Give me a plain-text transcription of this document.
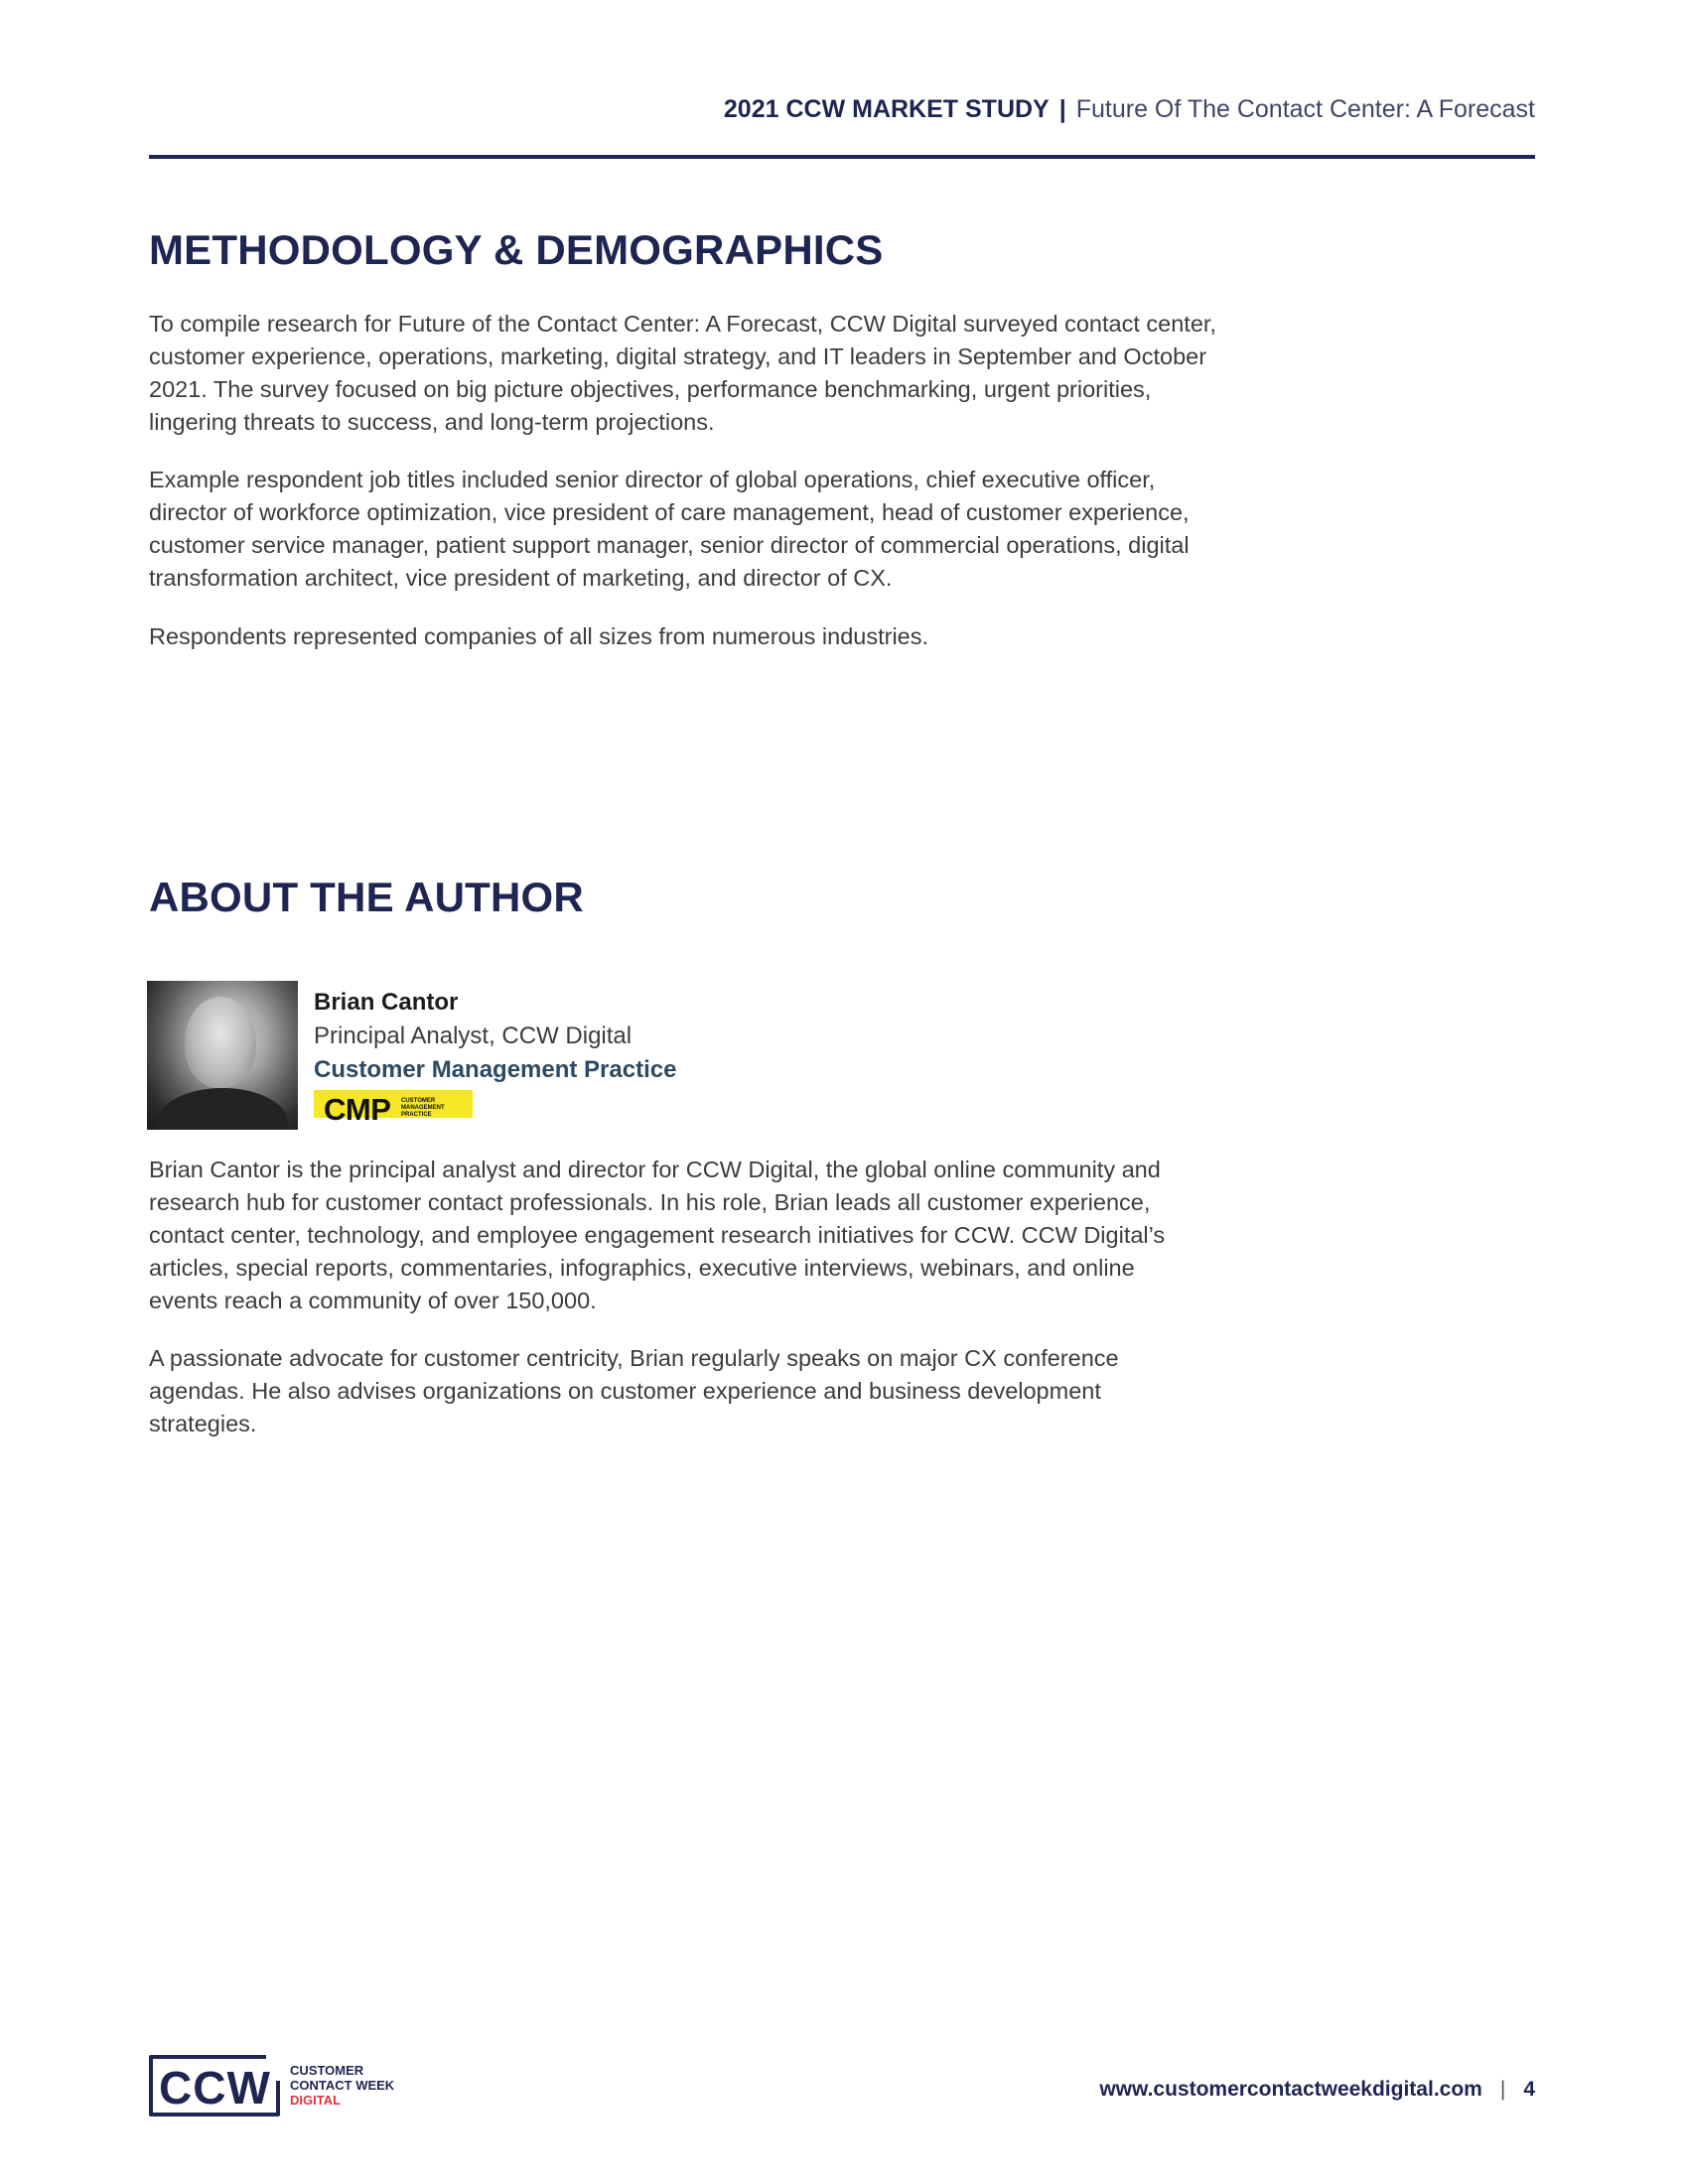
2021 CCW MARKET STUDY | Future Of The Contact Center: A Forecast
METHODOLOGY & DEMOGRAPHICS

To compile research for Future of the Contact Center: A Forecast, CCW Digital surveyed contact center, customer experience, operations, marketing, digital strategy, and IT leaders in September and October 2021. The survey focused on big picture objectives, performance benchmarking, urgent priorities, lingering threats to success, and long-term projections.

Example respondent job titles included senior director of global operations, chief executive officer, director of workforce optimization, vice president of care management, head of customer experience, customer service manager, patient support manager, senior director of commercial operations, digital transformation architect, vice president of marketing, and director of CX.

Respondents represented companies of all sizes from numerous industries.

ABOUT THE AUTHOR
Brian Cantor
Principal Analyst, CCW Digital
Customer Management Practice
CMP CUSTOMER
MANAGEMENT
PRACTICE

Brian Cantor is the principal analyst and director for CCW Digital, the global online community and research hub for customer contact professionals. In his role, Brian leads all customer experience, contact center, technology, and employee engagement research initiatives for CCW. CCW Digital’s articles, special reports, commentaries, infographics, executive interviews, webinars, and online events reach a community of over 150,000.

A passionate advocate for customer centricity, Brian regularly speaks on major CX conference agendas. He also advises organizations on customer experience and business development strategies.

CCW CUSTOMER
CONTACT WEEK
DIGITAL	www.customercontactweekdigital.com | 4
